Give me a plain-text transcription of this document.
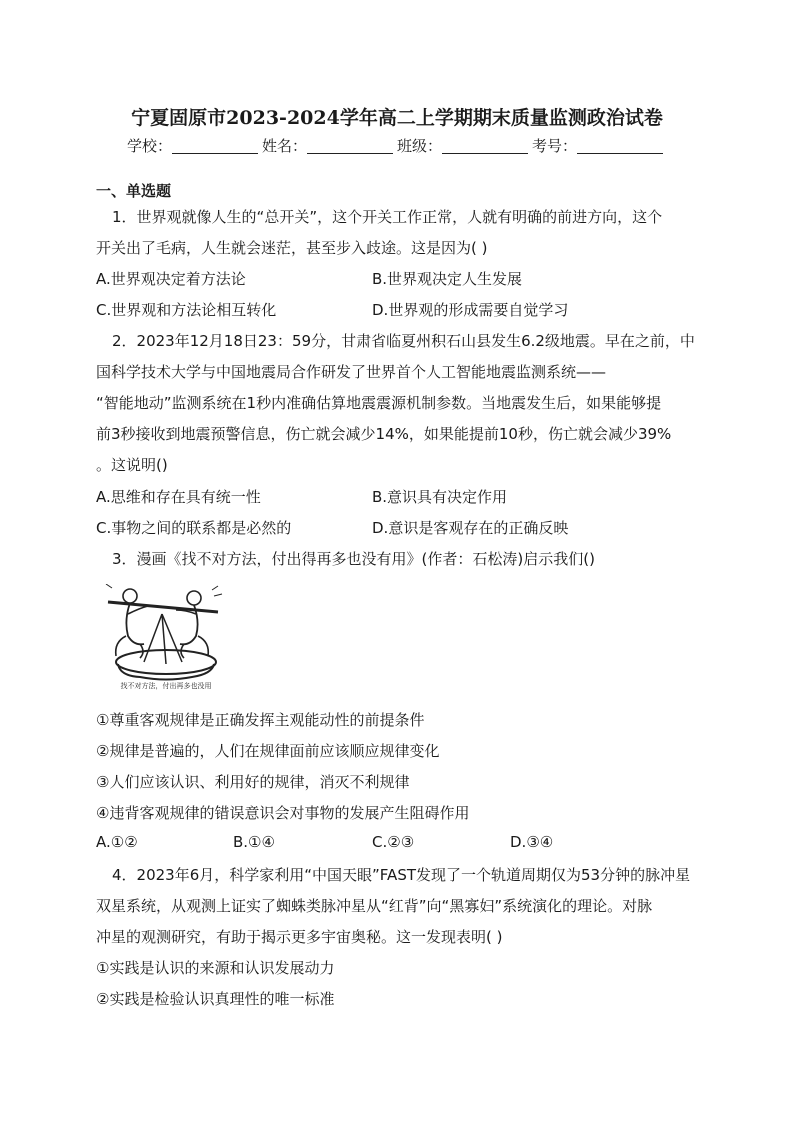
宁夏固原市2023-2024学年高二上学期期末质量监测政治试卷
学校：	姓名：	班级：	考号：
一、单选题
1．世界观就像人生的“总开关”，这个开关工作正常，人就有明确的前进方向，这个
开关出了毛病，人生就会迷茫，甚至步入歧途。这是因为( )
A.世界观决定着方法论	B.世界观决定人生发展
C.世界观和方法论相互转化	D.世界观的形成需要自觉学习
2．2023年12月18日23：59分，甘肃省临夏州积石山县发生6.2级地震。早在之前，中
国科学技术大学与中国地震局合作研发了世界首个人工智能地震监测系统——
“智能地动”监测系统在1秒内准确估算地震震源机制参数。当地震发生后，如果能够提
前3秒接收到地震预警信息，伤亡就会减少14%，如果能提前10秒，伤亡就会减少39%
。这说明()
A.思维和存在具有统一性	B.意识具有决定作用
C.事物之间的联系都是必然的	D.意识是客观存在的正确反映
3．漫画《找不对方法，付出得再多也没有用》(作者：石松涛)启示我们()
找不对方法，付出再多也没用
①尊重客观规律是正确发挥主观能动性的前提条件
②规律是普遍的，人们在规律面前应该顺应规律变化
③人们应该认识、利用好的规律，消灭不利规律
④违背客观规律的错误意识会对事物的发展产生阻碍作用
A.①②	B.①④	C.②③	D.③④
4．2023年6月，科学家利用“中国天眼”FAST发现了一个轨道周期仅为53分钟的脉冲星
双星系统，从观测上证实了蜘蛛类脉冲星从“红背”向“黑寡妇”系统演化的理论。对脉
冲星的观测研究，有助于揭示更多宇宙奥秘。这一发现表明( )
①实践是认识的来源和认识发展动力
②实践是检验认识真理性的唯一标准
